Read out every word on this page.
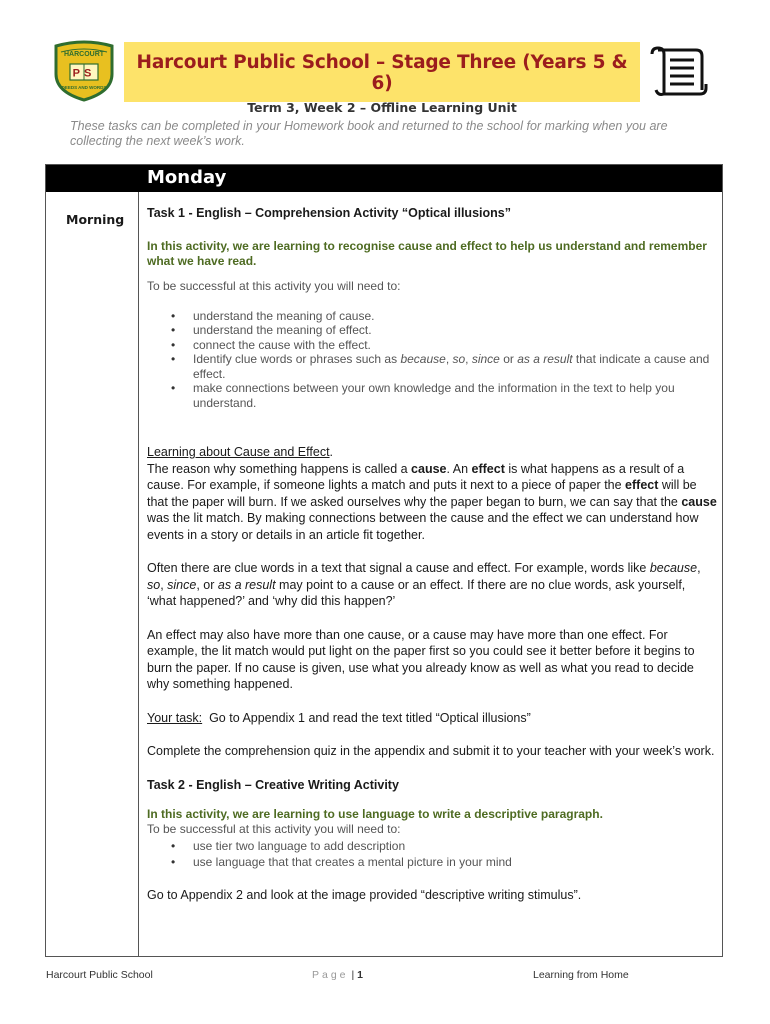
HARCOURT
PS
DEEDS AND WORDS
Harcourt Public School – Stage Three (Years 5 & 6)
Term 3, Week 2 – Offline Learning Unit
These tasks can be completed in your Homework book and returned to the school for marking when you are collecting the next week’s work.
Monday
Morning Task 1 - English – Comprehension Activity “Optical illusions”

In this activity, we are learning to recognise cause and effect to help us understand and remember what we have read.

To be successful at this activity you will need to:

• understand the meaning of cause.
• understand the meaning of effect.
• connect the cause with the effect.
• Identify clue words or phrases such as because, so, since or as a result that indicate a cause and effect.
• make connections between your own knowledge and the information in the text to help you understand.

Learning about Cause and Effect.

The reason why something happens is called a cause. An effect is what happens as a result of a cause. For example, if someone lights a match and puts it next to a piece of paper the effect will be that the paper will burn. If we asked ourselves why the paper began to burn, we can say that the cause was the lit match. By making connections between the cause and the effect we can understand how events in a story or details in an article fit together.

Often there are clue words in a text that signal a cause and effect. For example, words like because, so, since, or as a result may point to a cause or an effect. If there are no clue words, ask yourself, ‘what happened?’ and ‘why did this happen?’

An effect may also have more than one cause, or a cause may have more than one effect. For example, the lit match would put light on the paper first so you could see it better before it begins to burn the paper. If no cause is given, use what you already know as well as what you read to decide why something happened.

Your task:  Go to Appendix 1 and read the text titled “Optical illusions”

Complete the comprehension quiz in the appendix and submit it to your teacher with your week’s work.

Task 2 - English – Creative Writing Activity

In this activity, we are learning to use language to write a descriptive paragraph.

To be successful at this activity you will need to:

• use tier two language to add description
• use language that that creates a mental picture in your mind

Go to Appendix 2 and look at the image provided “descriptive writing stimulus”.

Harcourt Public School	Page | 1	Learning from Home
